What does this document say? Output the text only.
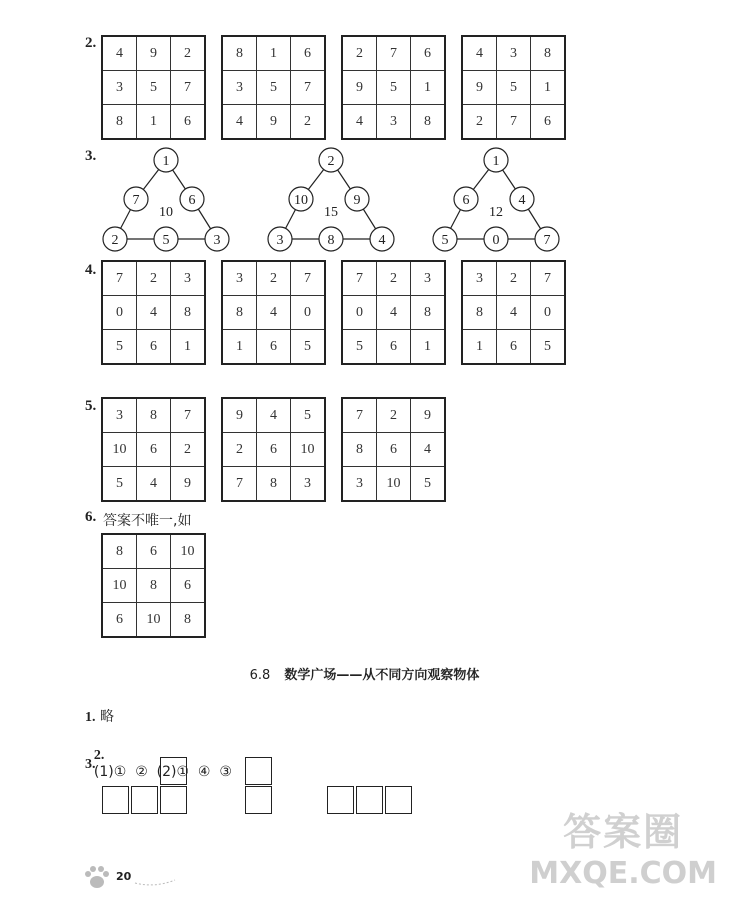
2.
4	9	2
3	5	7
8	1	6
8	1	6
3	5	7
4	9	2
2	7	6
9	5	1
4	3	8
4	3	8
9	5	1
2	7	6
3.	1
7	6
2	5	3
10
2
10	9
3	8	4
15
1
6	4
5	0	7
12
4. 7	2	3
0	4	8
5	6	1
3	2	7
8	4	0
1	6	5
7	2	3
0	4	8
5	6	1
3	2	7
8	4	0
1	6	5
5.
3	8	7
10	6	2
5	4	9
9	4	5
2	6	10
7	8	3
7	2	9
8	6	4
3	10	5
6. 答案不唯一,如
8	6	10
10	8	6
6	10	8
6.8 数学广场——从不同方向观察物体
1. 略

2.
(1)①  ②  (2)①  ④  ③

3.
20
答案圈
MXQE.COM
